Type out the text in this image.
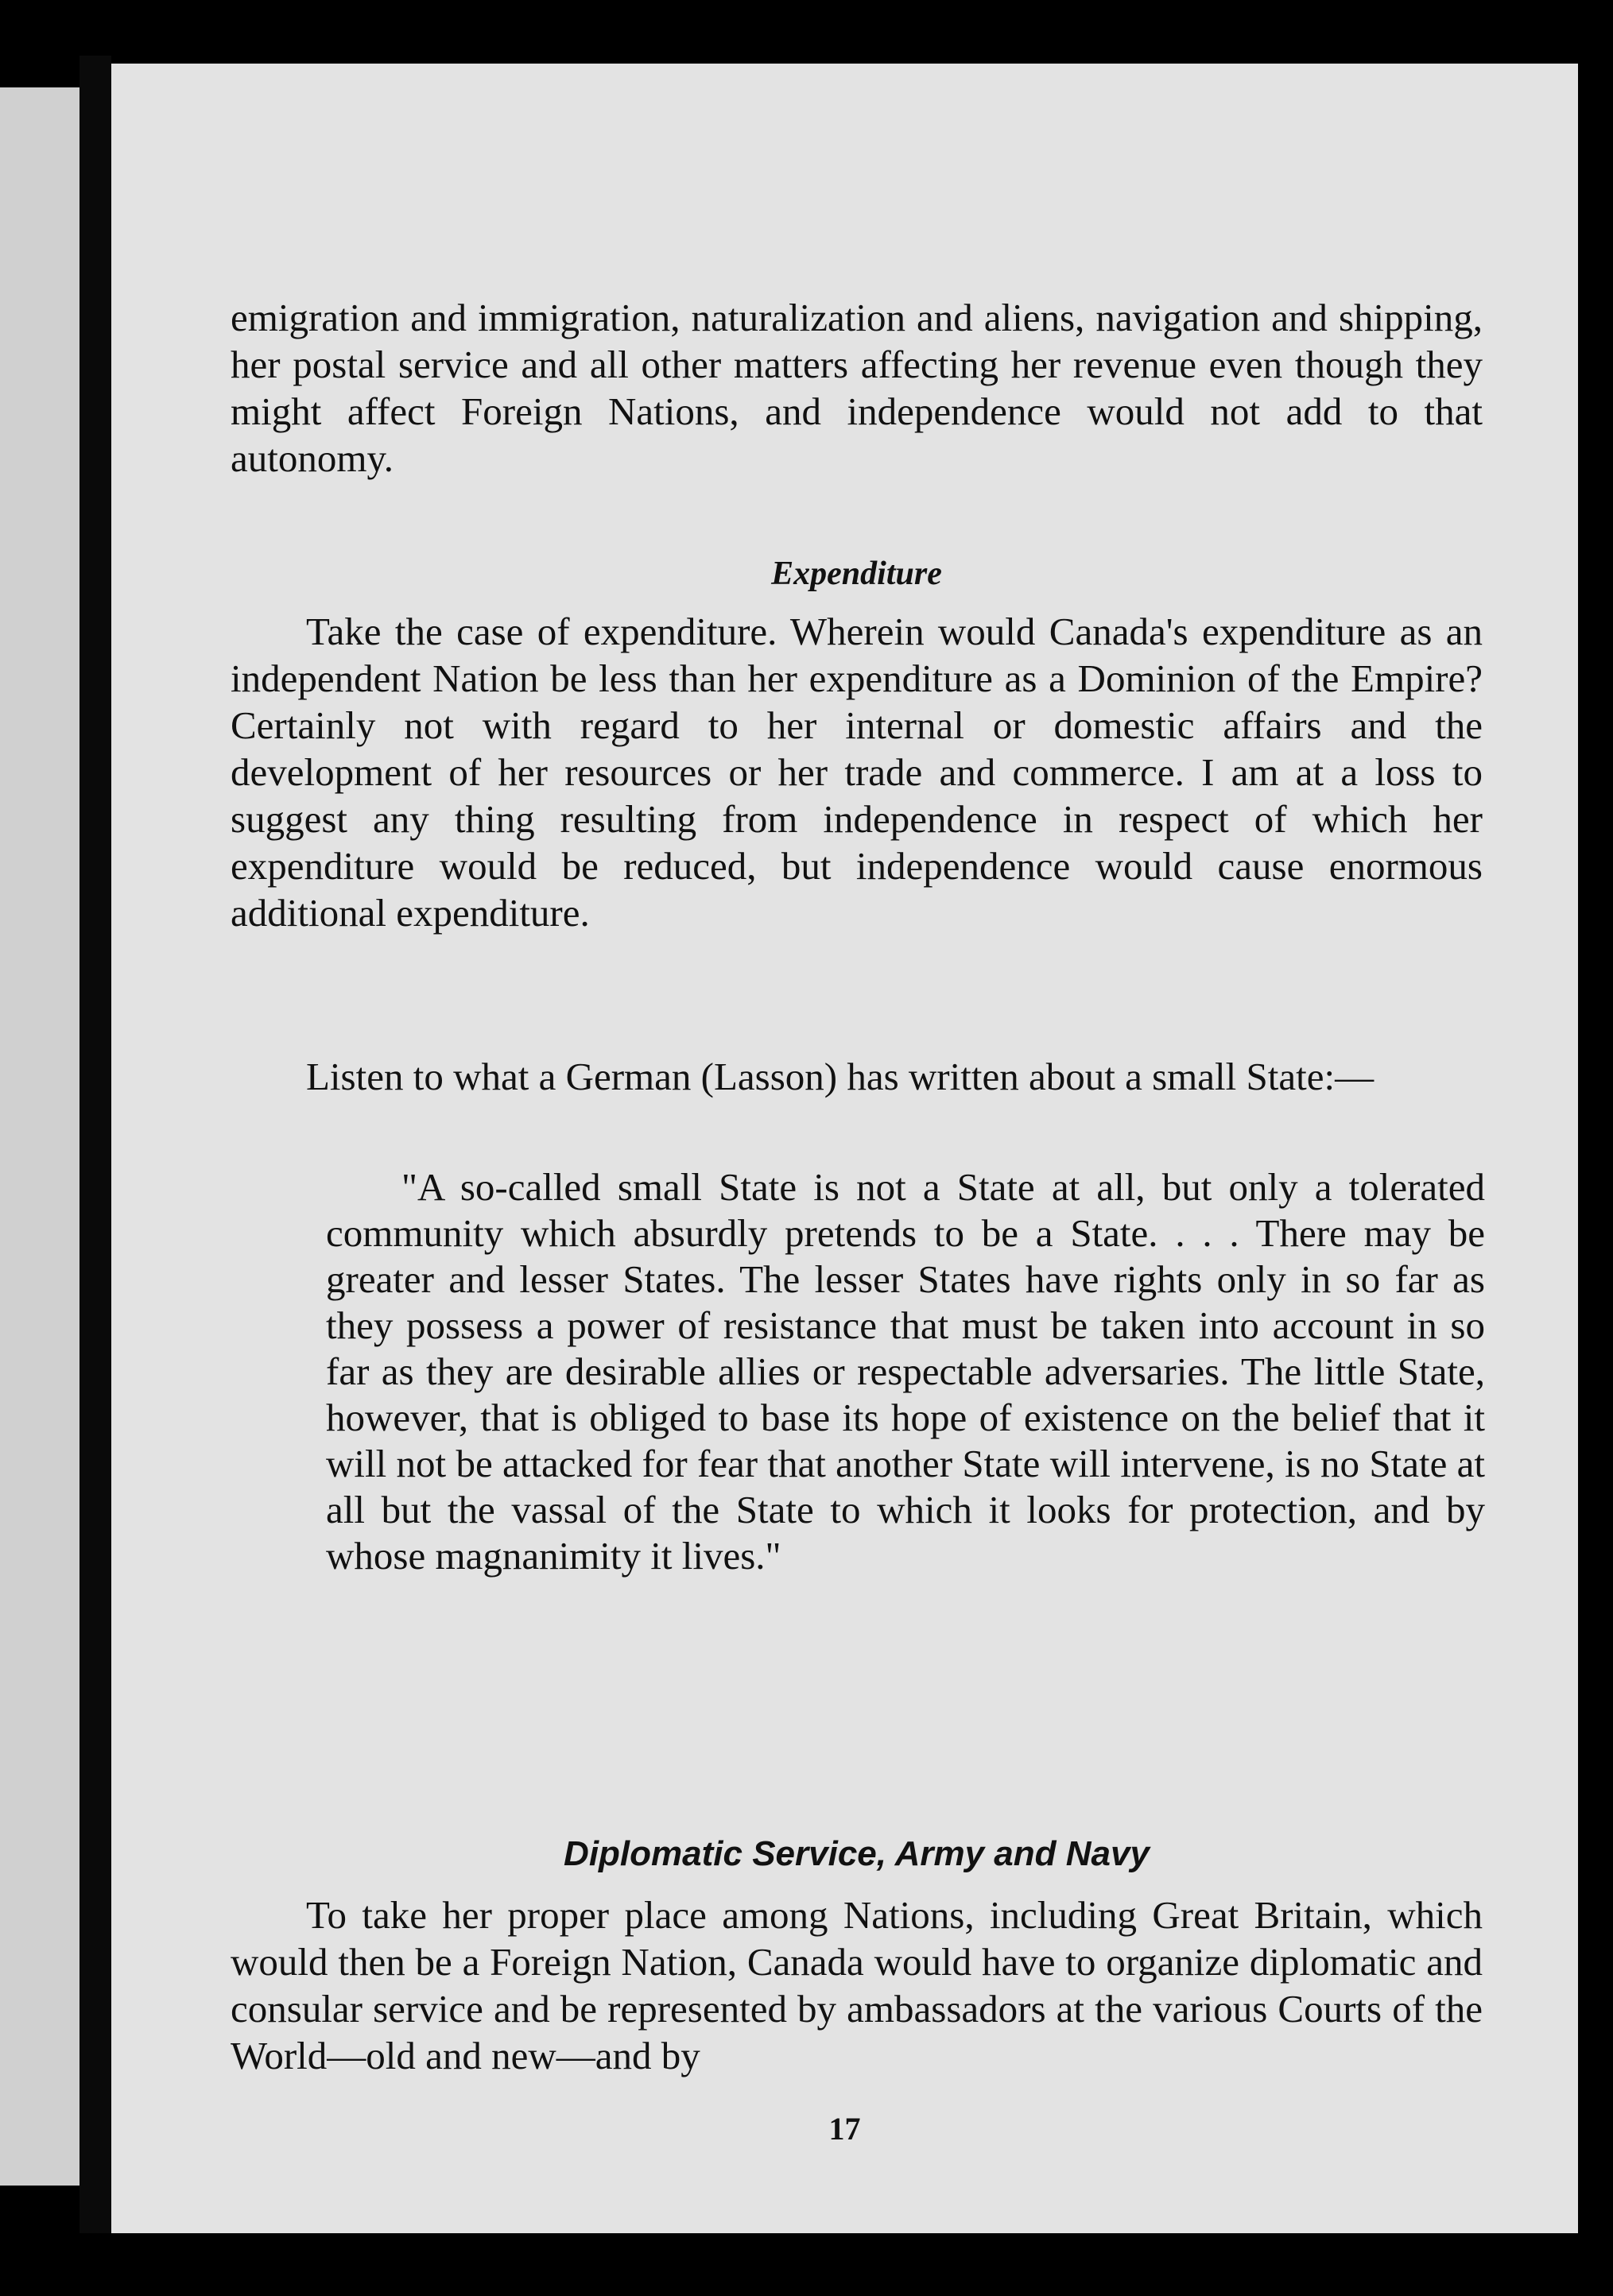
emigration and immigration, naturalization and aliens, navigation and shipping, her postal service and all other matters affecting her revenue even though they might affect Foreign Nations, and independence would not add to that autonomy.

Expenditure

Take the case of expenditure. Wherein would Canada's expenditure as an independent Nation be less than her expenditure as a Dominion of the Empire? Certainly not with regard to her internal or domestic affairs and the development of her resources or her trade and commerce. I am at a loss to suggest any thing resulting from independence in respect of which her expenditure would be reduced, but independence would cause enormous additional expenditure.

Listen to what a German (Lasson) has written about a small State:—

"A so-called small State is not a State at all, but only a tolerated community which absurdly pretends to be a State. . . . There may be greater and lesser States. The lesser States have rights only in so far as they possess a power of resistance that must be taken into account in so far as they are desirable allies or respectable adversaries. The little State, however, that is obliged to base its hope of existence on the belief that it will not be attacked for fear that another State will intervene, is no State at all but the vassal of the State to which it looks for protection, and by whose magnanimity it lives."

Diplomatic Service, Army and Navy

To take her proper place among Nations, including Great Britain, which would then be a Foreign Nation, Canada would have to organize diplomatic and consular service and be represented by ambassadors at the various Courts of the World—old and new—and by

17
